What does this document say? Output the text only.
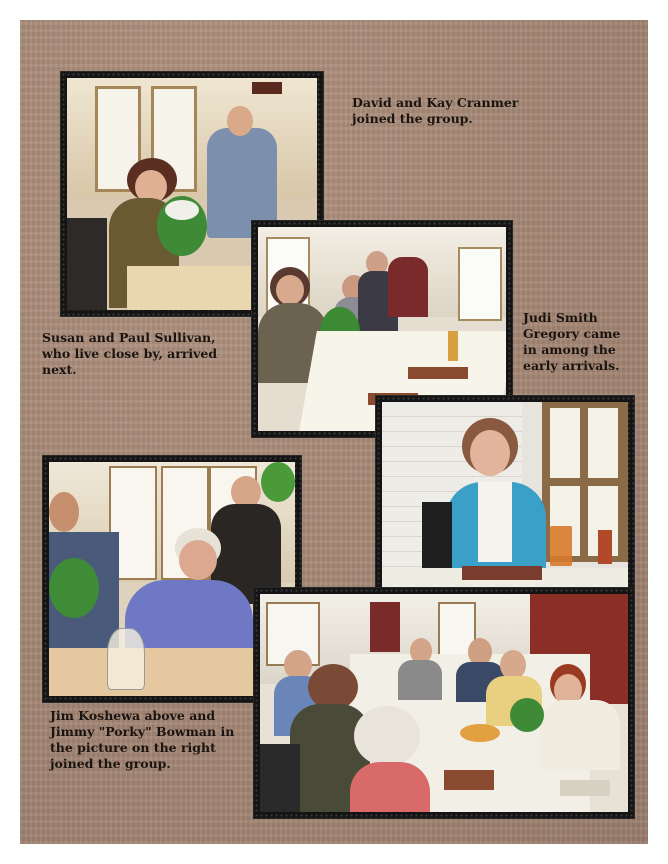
David and Kay Cranmer joined the group.
Susan and Paul Sullivan, who live close by, arrived next.
Judi Smith Gregory came in among the early arrivals.
Jim Koshewa above and Jimmy "Porky" Bowman in the picture on the right joined the group.
